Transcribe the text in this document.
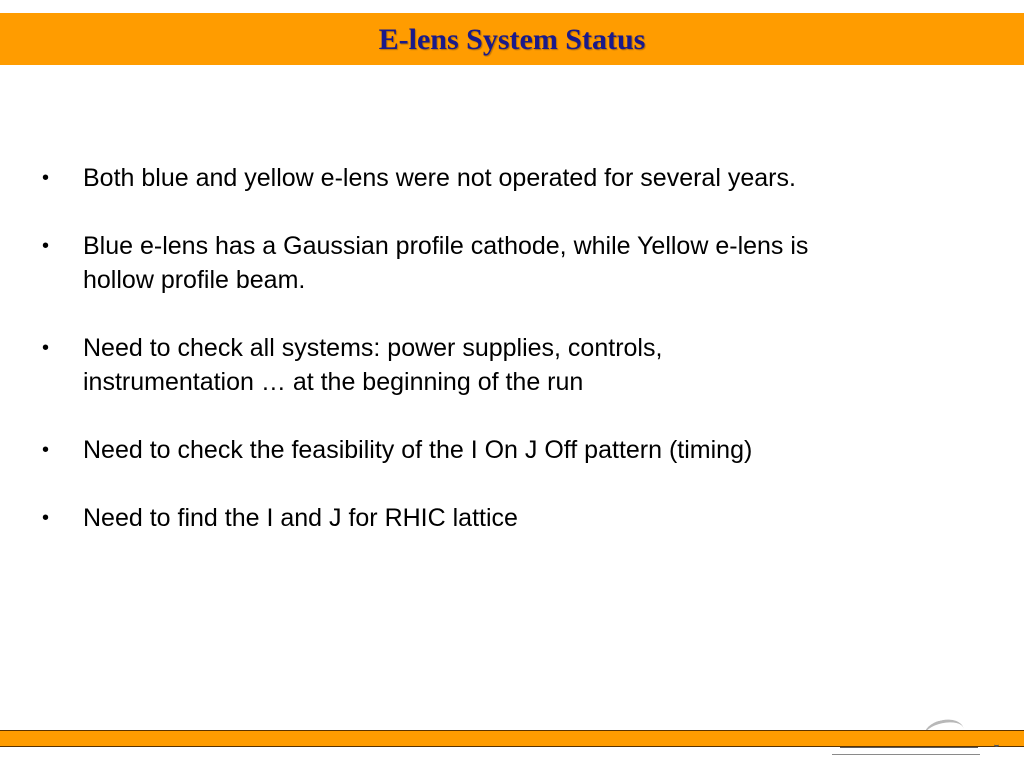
E-lens System Status
• Both blue and yellow e-lens were not operated for several years.
• Blue e-lens has a Gaussian profile cathode, while Yellow e-lens is
hollow profile beam.
• Need to check all systems: power supplies, controls,
instrumentation … at the beginning of the run
• Need to check the feasibility of the I On J Off pattern (timing)
• Need to find the I and J for RHIC lattice
